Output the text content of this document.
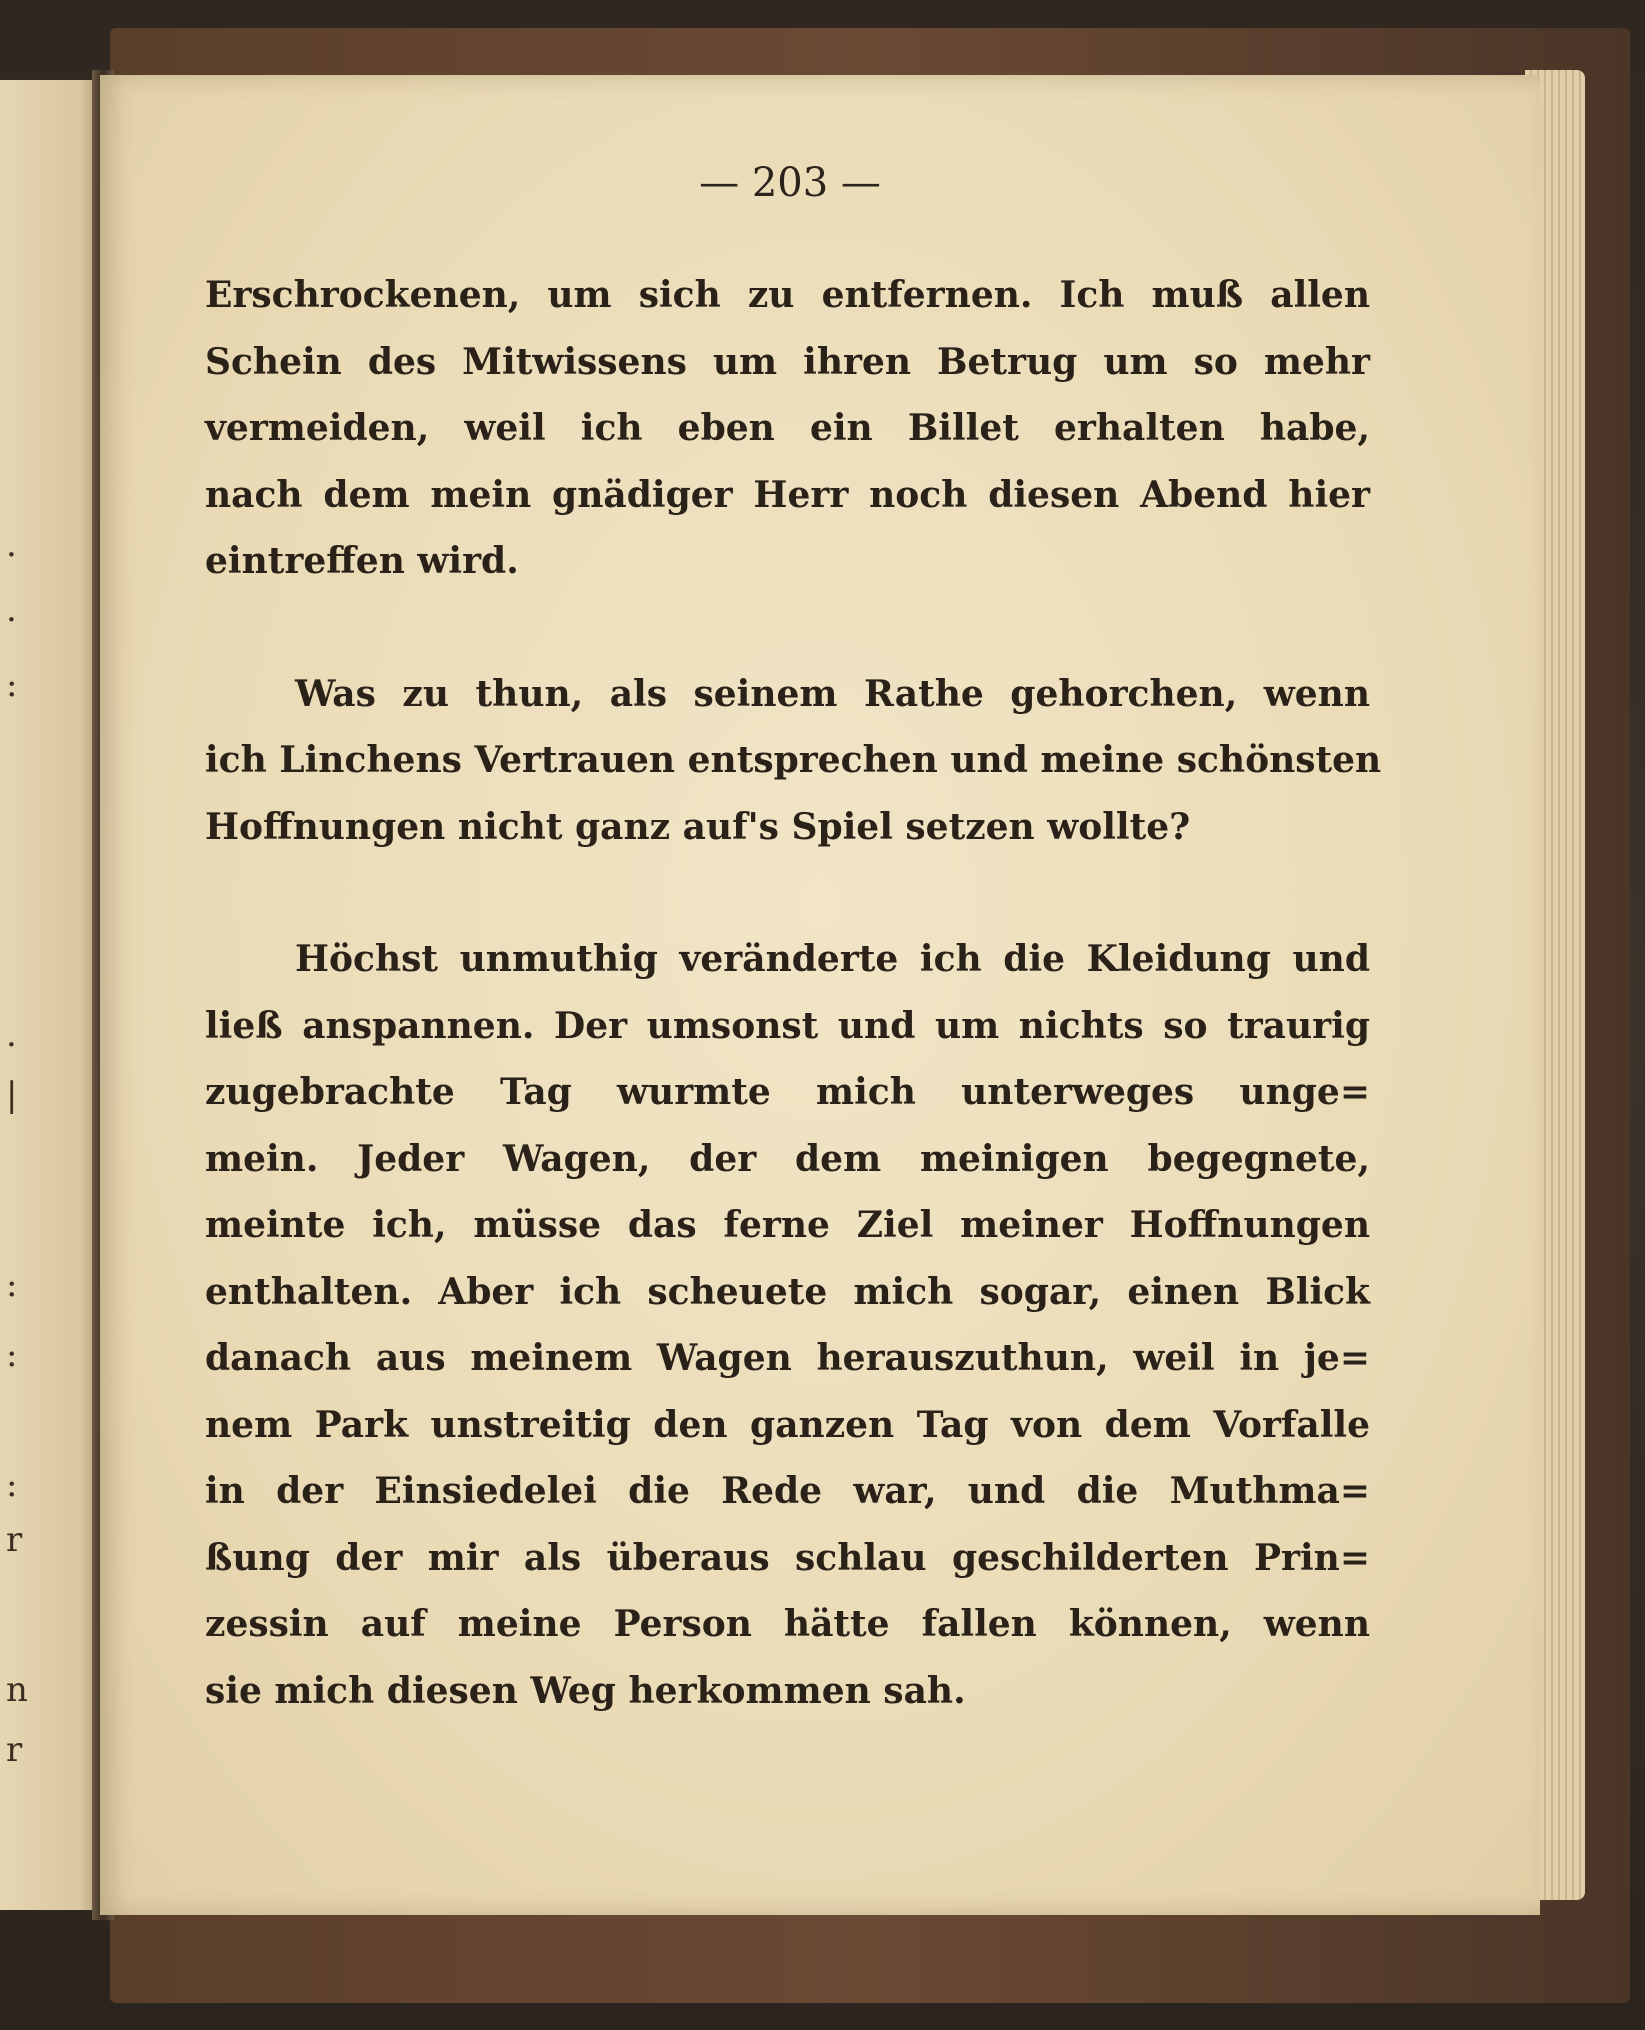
·
·
:
·
|
:
:
:
r
n
r
— 203 —
Erschrockenen, um sich zu entfernen. Ich muß allen
Schein des Mitwissens um ihren Betrug um so mehr
vermeiden, weil ich eben ein Billet erhalten habe,
nach dem mein gnädiger Herr noch diesen Abend hier
eintreffen wird.
Was zu thun, als seinem Rathe gehorchen, wenn
ich Linchens Vertrauen entsprechen und meine schönsten
Hoffnungen nicht ganz auf's Spiel setzen wollte?
Höchst unmuthig veränderte ich die Kleidung und
ließ anspannen. Der umsonst und um nichts so traurig
zugebrachte Tag wurmte mich unterweges unge=
mein. Jeder Wagen, der dem meinigen begegnete,
meinte ich, müsse das ferne Ziel meiner Hoffnungen
enthalten. Aber ich scheuete mich sogar, einen Blick
danach aus meinem Wagen herauszuthun, weil in je=
nem Park unstreitig den ganzen Tag von dem Vorfalle
in der Einsiedelei die Rede war, und die Muthma=
ßung der mir als überaus schlau geschilderten Prin=
zessin auf meine Person hätte fallen können, wenn
sie mich diesen Weg herkommen sah.
